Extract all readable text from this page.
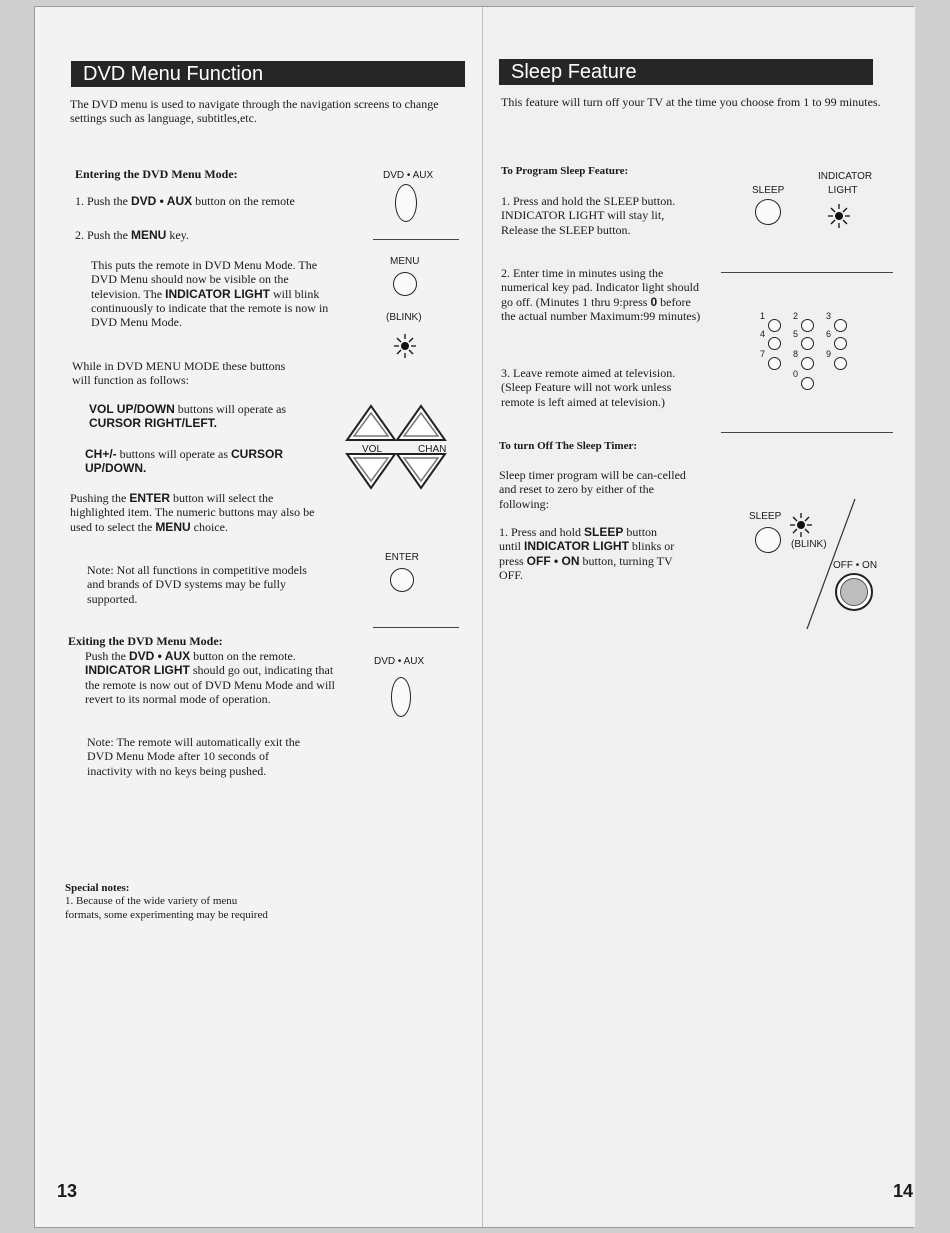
DVD Menu Function
The DVD menu is used to navigate through the navigation screens to change settings such as language, subtitles,etc.
Entering the DVD Menu Mode:
1. Push the DVD • AUX button on the remote
2. Push the MENU key.
This puts the remote in DVD Menu Mode. The DVD Menu should now be visible on the television. The INDICATOR LIGHT will blink continuously to indicate that the remote is now in DVD Menu Mode.
While in DVD MENU MODE these buttons will function as follows:
VOL UP/DOWN buttons will operate as CURSOR RIGHT/LEFT.
CH+/- buttons will operate as CURSOR UP/DOWN.
Pushing the ENTER button will select the highlighted item. The numeric buttons may also be used to select the MENU choice.
Note: Not all functions in competitive models and brands of DVD systems may be fully supported.
Exiting the DVD Menu Mode:
Push the DVD • AUX button on the remote. INDICATOR LIGHT should go out, indicating that the remote is now out of DVD Menu Mode and will revert to its normal mode of operation.
Note: The remote will automatically exit the DVD Menu Mode after 10 seconds of inactivity with no keys being pushed.
Special notes:
1. Because of the wide variety of menu formats, some experimenting may be required
DVD • AUX
MENU
(BLINK)
VOL	CHAN
ENTER
DVD • AUX
13
Sleep Feature
This feature will turn off your TV at the time you choose from 1 to 99 minutes.
To Program Sleep Feature:
1. Press and hold the SLEEP button. INDICATOR LIGHT will stay lit, Release the SLEEP button.
2. Enter time in minutes using the numerical key pad. Indicator light should go off. (Minutes 1 thru 9:press 0 before the actual number Maximum:99 minutes)
3. Leave remote aimed at television. (Sleep Feature will not work unless remote is left aimed at television.)
To turn Off The Sleep Timer:
Sleep timer program will be can-celled and reset to zero by either of the following:
1. Press and hold SLEEP button until INDICATOR LIGHT blinks or press OFF • ON button, turning TV OFF.
INDICATOR
LIGHT
SLEEP
SLEEP
(BLINK)
OFF • ON
14
1	2	3
4	5	6
7	8	9
0
